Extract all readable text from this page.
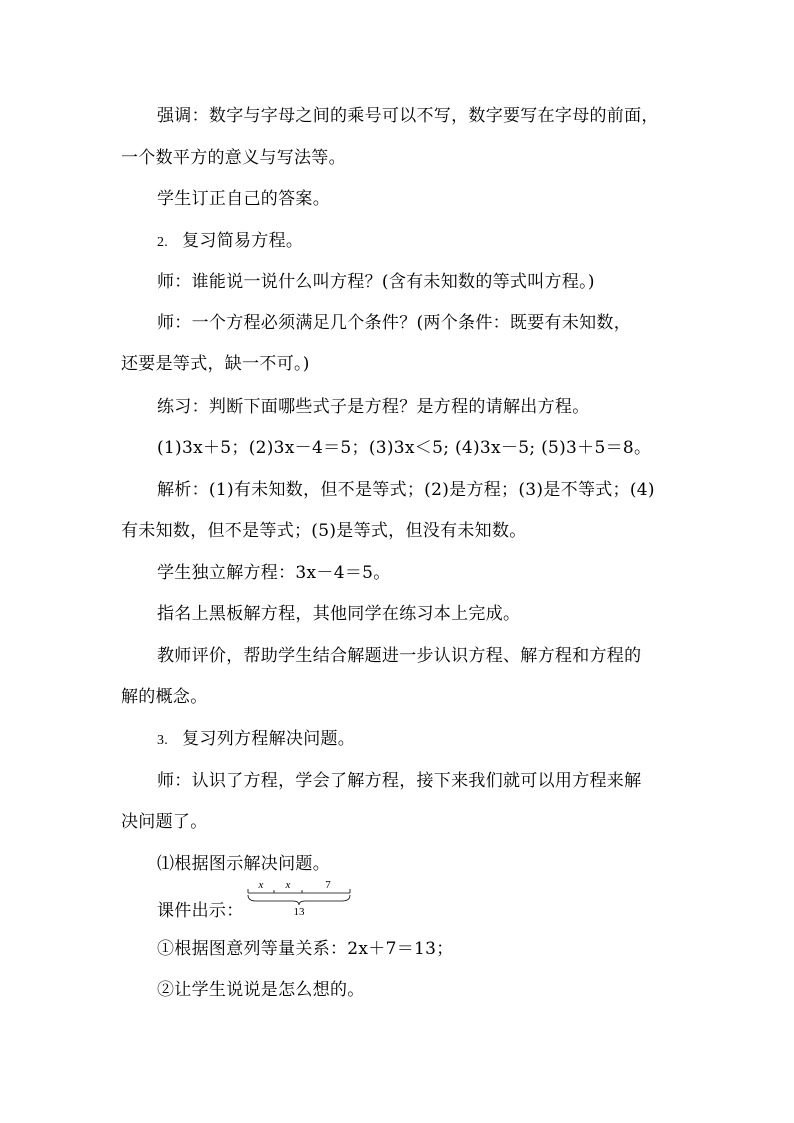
强调：数字与字母之间的乘号可以不写，数字要写在字母的前面，
一个数平方的意义与写法等。
学生订正自己的答案。
2. 复习简易方程。
师：谁能说一说什么叫方程？(含有未知数的等式叫方程。)
师：一个方程必须满足几个条件？(两个条件：既要有未知数，
还要是等式，缺一不可。)
练习：判断下面哪些式子是方程？是方程的请解出方程。
(1)3x＋5；(2)3x－4＝5；(3)3x＜5; (4)3x－5; (5)3＋5＝8。
解析：(1)有未知数，但不是等式；(2)是方程；(3)是不等式；(4)
有未知数，但不是等式；(5)是等式，但没有未知数。
学生独立解方程：3x－4＝5。
指名上黑板解方程，其他同学在练习本上完成。
教师评价，帮助学生结合解题进一步认识方程、解方程和方程的
解的概念。
3. 复习列方程解决问题。
师：认识了方程，学会了解方程，接下来我们就可以用方程来解
决问题了。
⑴根据图示解决问题。
课件出示：
x x	7
13
①根据图意列等量关系：2x＋7＝13；
②让学生说说是怎么想的。
